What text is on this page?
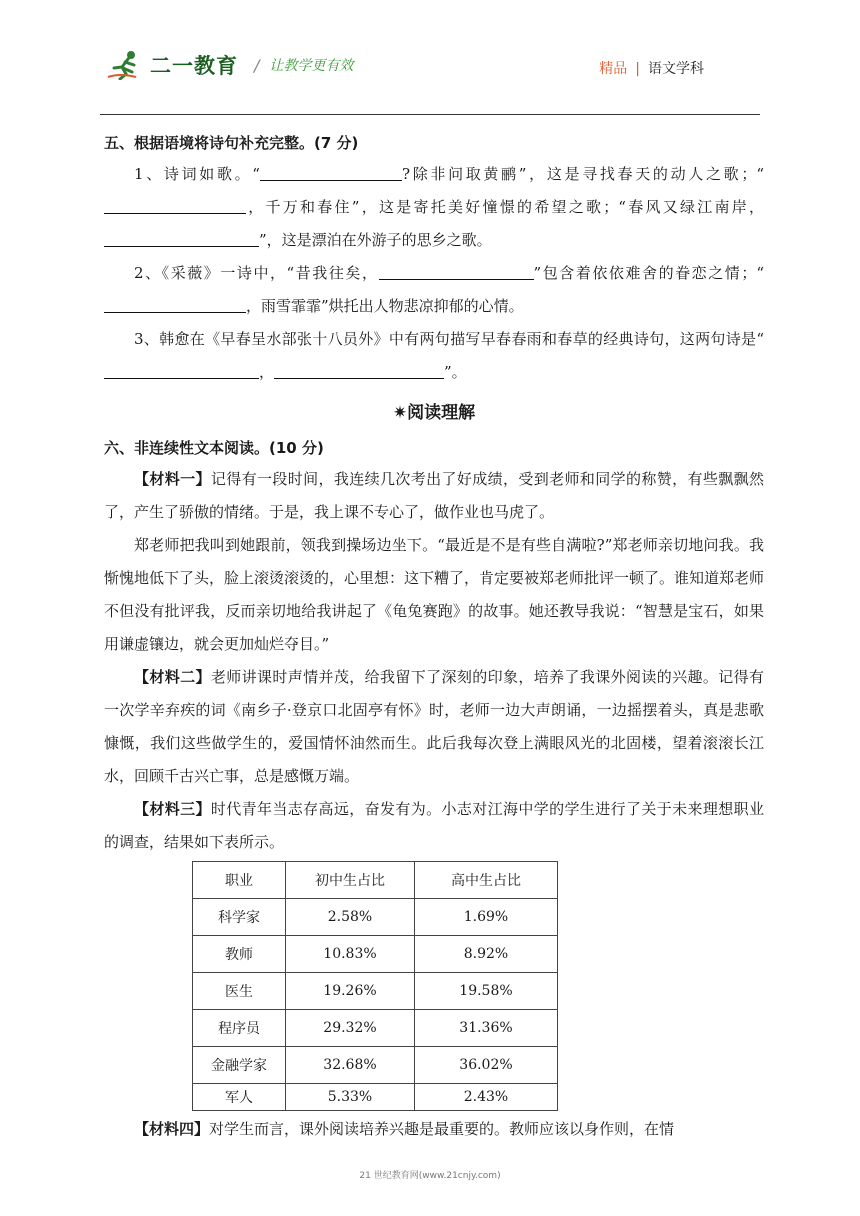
二一教育 / 让教学更有效	精品 | 语文学科

五、根据语境将诗句补充完整。(7 分)

1、诗词如歌。“	?除非问取黄鹂”，这是寻找春天的动人之歌；“，千万和春住”，这是寄托美好憧憬的希望之歌；“春风又绿江南岸，”，这是漂泊在外游子的思乡之歌。

2、《采薇》一诗中，“昔我往矣，	”包含着依依难舍的眷恋之情；“，雨雪霏霏”烘托出人物悲凉抑郁的心情。

3、韩愈在《早春呈水部张十八员外》中有两句描写早春春雨和春草的经典诗句，这两句诗是“，	”。

✷阅读理解

六、非连续性文本阅读。(10 分)

【材料一】记得有一段时间，我连续几次考出了好成绩，受到老师和同学的称赞，有些飘飘然了，产生了骄傲的情绪。于是，我上课不专心了，做作业也马虎了。

郑老师把我叫到她跟前，领我到操场边坐下。“最近是不是有些自满啦?”郑老师亲切地问我。我惭愧地低下了头，脸上滚烫滚烫的，心里想：这下糟了，肯定要被郑老师批评一顿了。谁知道郑老师不但没有批评我，反而亲切地给我讲起了《龟兔赛跑》的故事。她还教导我说：“智慧是宝石，如果用谦虚镶边，就会更加灿烂夺目。”

【材料二】老师讲课时声情并茂，给我留下了深刻的印象，培养了我课外阅读的兴趣。记得有一次学辛弃疾的词《南乡子·登京口北固亭有怀》时，老师一边大声朗诵，一边摇摆着头，真是悲歌慷慨，我们这些做学生的，爱国情怀油然而生。此后我每次登上满眼风光的北固楼，望着滚滚长江水，回顾千古兴亡事，总是感慨万端。

【材料三】时代青年当志存高远，奋发有为。小志对江海中学的学生进行了关于未来理想职业的调查，结果如下表所示。

职业	初中生占比	高中生占比
科学家	2.58%	1.69%
教师	10.83%	8.92%
医生	19.26%	19.58%
程序员	29.32%	31.36%
金融学家	32.68%	36.02%
军人	5.33%	2.43%

【材料四】对学生而言，课外阅读培养兴趣是最重要的。教师应该以身作则，在情

21 世纪教育网(www.21cnjy.com)
